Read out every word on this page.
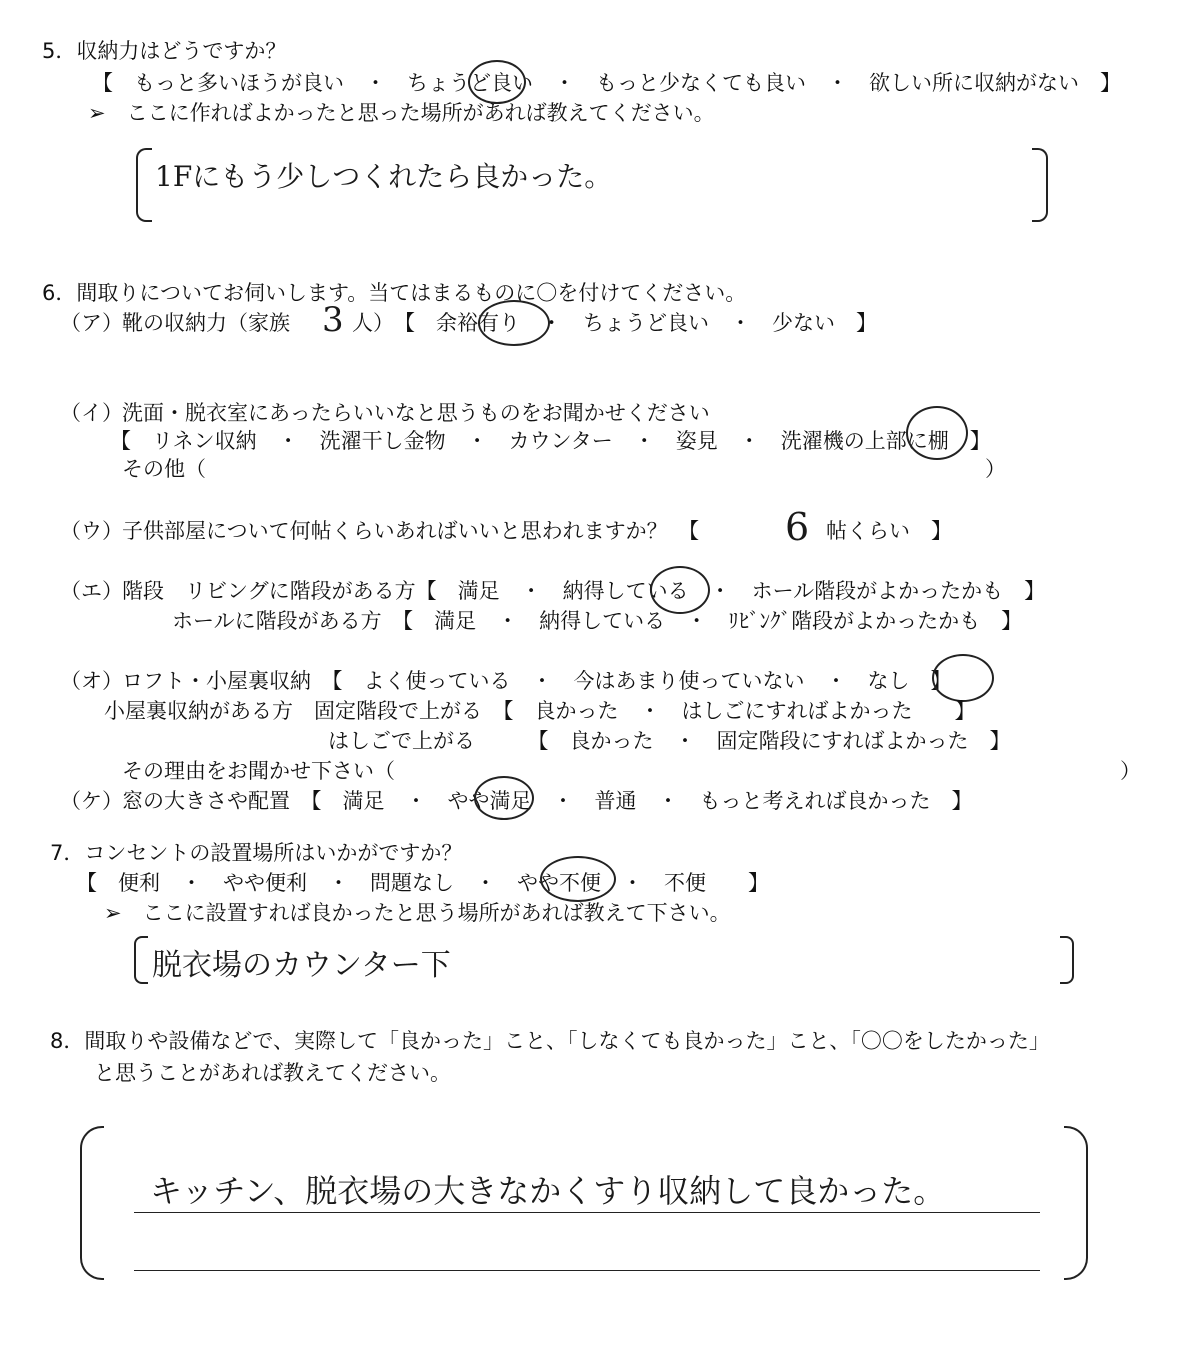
5．収納力はどうですか？
【　もっと多いほうが良い　・　ちょうど良い　・　もっと少なくても良い　・　欲しい所に収納がない　】
➢　ここに作ればよかったと思った場所があれば教えてください。
1Fにもう少しつくれたら良かった。
6．間取りについてお伺いします。当てはまるものに〇を付けてください。
（ア） 靴の収納力（家族 3 人）　【　余裕有り　・　ちょうど良い　・　少ない　】
（イ） 洗面・脱衣室にあったらいいなと思うものをお聞かせください
【　リネン収納　・　洗濯干し金物　・　カウンター　・　姿見　・　洗濯機の上部に棚　】
その他（	）
（ウ） 子供部屋について何帖くらいあればいいと思われますか？　【 6 帖くらい　】
（エ） 階段　リビングに階段がある方【　満足　・　納得している　・　ホール階段がよかったかも　】
ホールに階段がある方　【　満足　・　納得している　・　ﾘﾋﾞﾝｸﾞ階段がよかったかも　】
（オ） ロフト・小屋裏収納　【　よく使っている　・　今はあまり使っていない　・　なし　】
小屋裏収納がある方　固定階段で上がる　【　良かった　・　はしごにすればよかった　　】
はしごで上がる　　　【　良かった　・　固定階段にすればよかった　】
その理由をお聞かせ下さい（	）
（ケ） 窓の大きさや配置　【　満足　・　やや満足　・　普通　・　もっと考えれば良かった　】
7．コンセントの設置場所はいかがですか？
【　便利　・　やや便利　・　問題なし　・　やや不便　・　不便　　】
➢　ここに設置すれば良かったと思う場所があれば教えて下さい。
脱衣場のカウンター下
8．間取りや設備などで、実際して「良かった」こと、「しなくても良かった」こと、「〇〇をしたかった」
と思うことがあれば教えてください。
キッチン、脱衣場の大きなかくすり収納して良かった。
